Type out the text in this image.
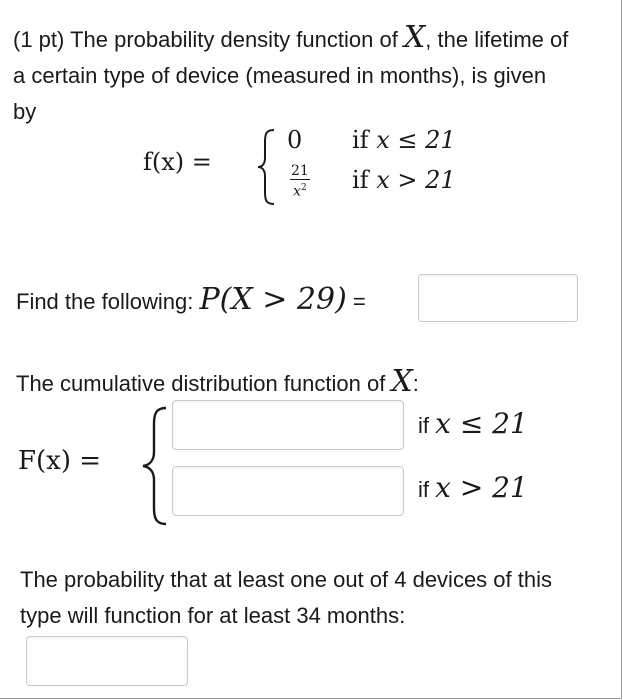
(1 pt) The probability density function of X, the lifetime of a certain type of device (measured in months), is given by
f(x) =
0 if x ≤ 21
$\frac{21}{x^2}$ if x > 21
Find the following: P(X > 29) =
The cumulative distribution function of X:
F(x) =
if x ≤ 21
if x > 21
The probability that at least one out of 4 devices of this type will function for at least 34 months:
